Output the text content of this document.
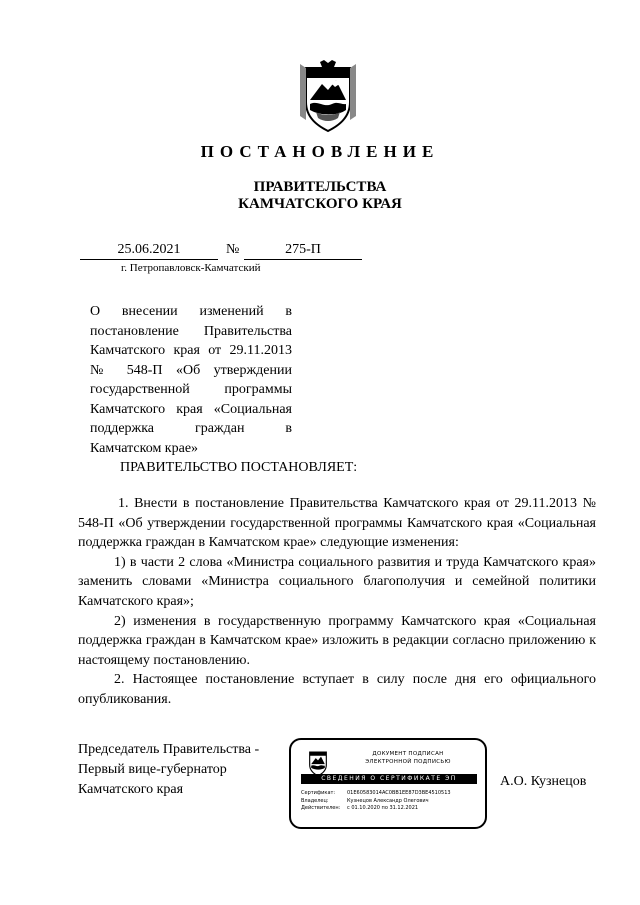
ПОСТАНОВЛЕНИЕ
ПРАВИТЕЛЬСТВА
КАМЧАТСКОГО КРАЯ
25.06.2021	№	275-П
г. Петропавловск-Камчатский
О внесении изменений в
постановление Правительства
Камчатского края от 29.11.2013
№ 548-П «Об утверждении
государственной программы
Камчатского края «Социальная
поддержка граждан в
Камчатском крае»
ПРАВИТЕЛЬСТВО ПОСТАНОВЛЯЕТ:

1. Внести в постановление Правительства Камчатского края от 29.11.2013 № 548-П «Об утверждении государственной программы Камчатского края «Социальная поддержка граждан в Камчатском крае» следующие изменения:

1) в части 2 слова «Министра социального развития и труда Камчатского края» заменить словами «Министра социального благополучия и семейной политики Камчатского края»;

2) изменения в государственную программу Камчатского края «Социальная поддержка граждан в Камчатском крае» изложить в редакции согласно приложению к настоящему постановлению.

2. Настоящее постановление вступает в силу после дня его официального опубликования.

Председатель Правительства -
Первый вице-губернатор
Камчатского края
ДОКУМЕНТ ПОДПИСАН
ЭЛЕКТРОННОЙ ПОДПИСЬЮ
СВЕДЕНИЯ О СЕРТИФИКАТЕ ЭП
Сертификат:	01E60583014AC0BB1EE87D3BE4510513
Владелец:	Кузнецов Александр Олегович
Действителен:	с 01.10.2020 по 31.12.2021
А.О. Кузнецов
